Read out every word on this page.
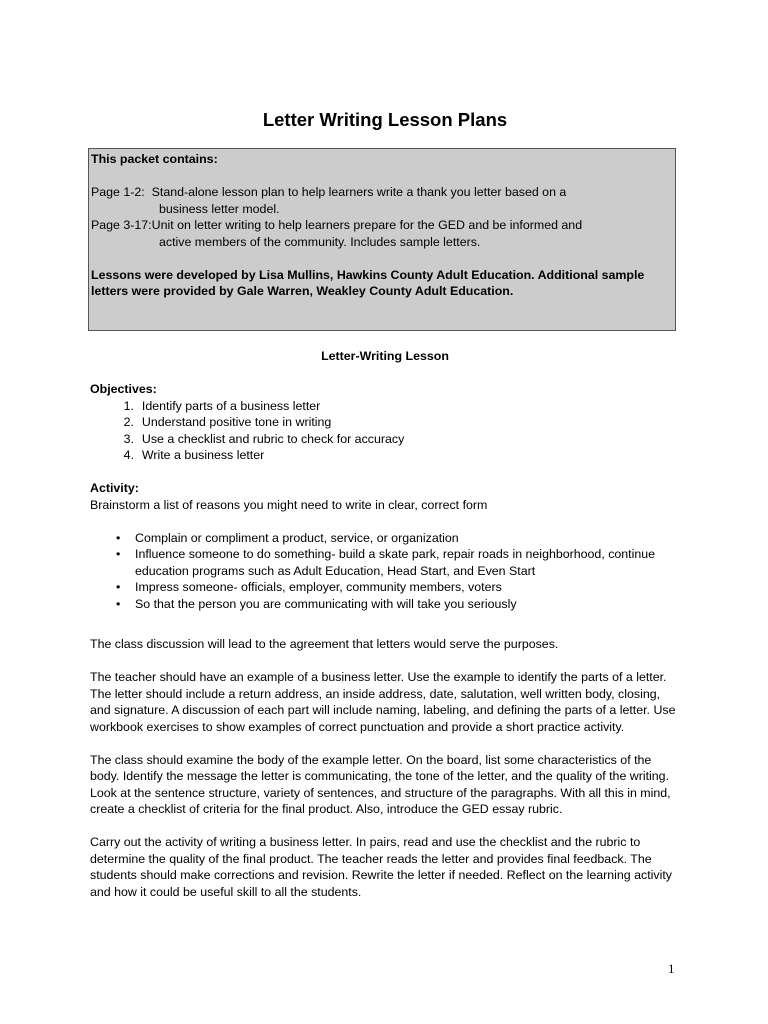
Letter Writing Lesson Plans
This packet contains:
Page 1-2: Stand-alone lesson plan to help learners write a thank you letter based on a
business letter model.
Page 3-17: Unit on letter writing to help learners prepare for the GED and be informed and
active members of the community. Includes sample letters.
Lessons were developed by Lisa Mullins, Hawkins County Adult Education. Additional sample letters were provided by Gale Warren, Weakley County Adult Education.
Letter-Writing Lesson
Objectives:
1.
Identify parts of a business letter
2.
Understand positive tone in writing
3.
Use a checklist and rubric to check for accuracy
4.
Write a business letter
Activity:
Brainstorm a list of reasons you might need to write in clear, correct form
•	Complain or compliment a product, service, or organization
•	Influence someone to do something- build a skate park, repair roads in neighborhood, continue education programs such as Adult Education, Head Start, and Even Start
•	Impress someone- officials, employer, community members, voters
•	So that the person you are communicating with will take you seriously

The class discussion will lead to the agreement that letters would serve the purposes.

The teacher should have an example of a business letter. Use the example to identify the parts of a letter. The letter should include a return address, an inside address, date, salutation, well written body, closing, and signature. A discussion of each part will include naming, labeling, and defining the parts of a letter. Use workbook exercises to show examples of correct punctuation and provide a short practice activity.

The class should examine the body of the example letter. On the board, list some characteristics of the body. Identify the message the letter is communicating, the tone of the letter, and the quality of the writing. Look at the sentence structure, variety of sentences, and structure of the paragraphs. With all this in mind, create a checklist of criteria for the final product. Also, introduce the GED essay rubric.

Carry out the activity of writing a business letter. In pairs, read and use the checklist and the rubric to determine the quality of the final product. The teacher reads the letter and provides final feedback. The students should make corrections and revision. Rewrite the letter if needed. Reflect on the learning activity and how it could be useful skill to all the students.

1
